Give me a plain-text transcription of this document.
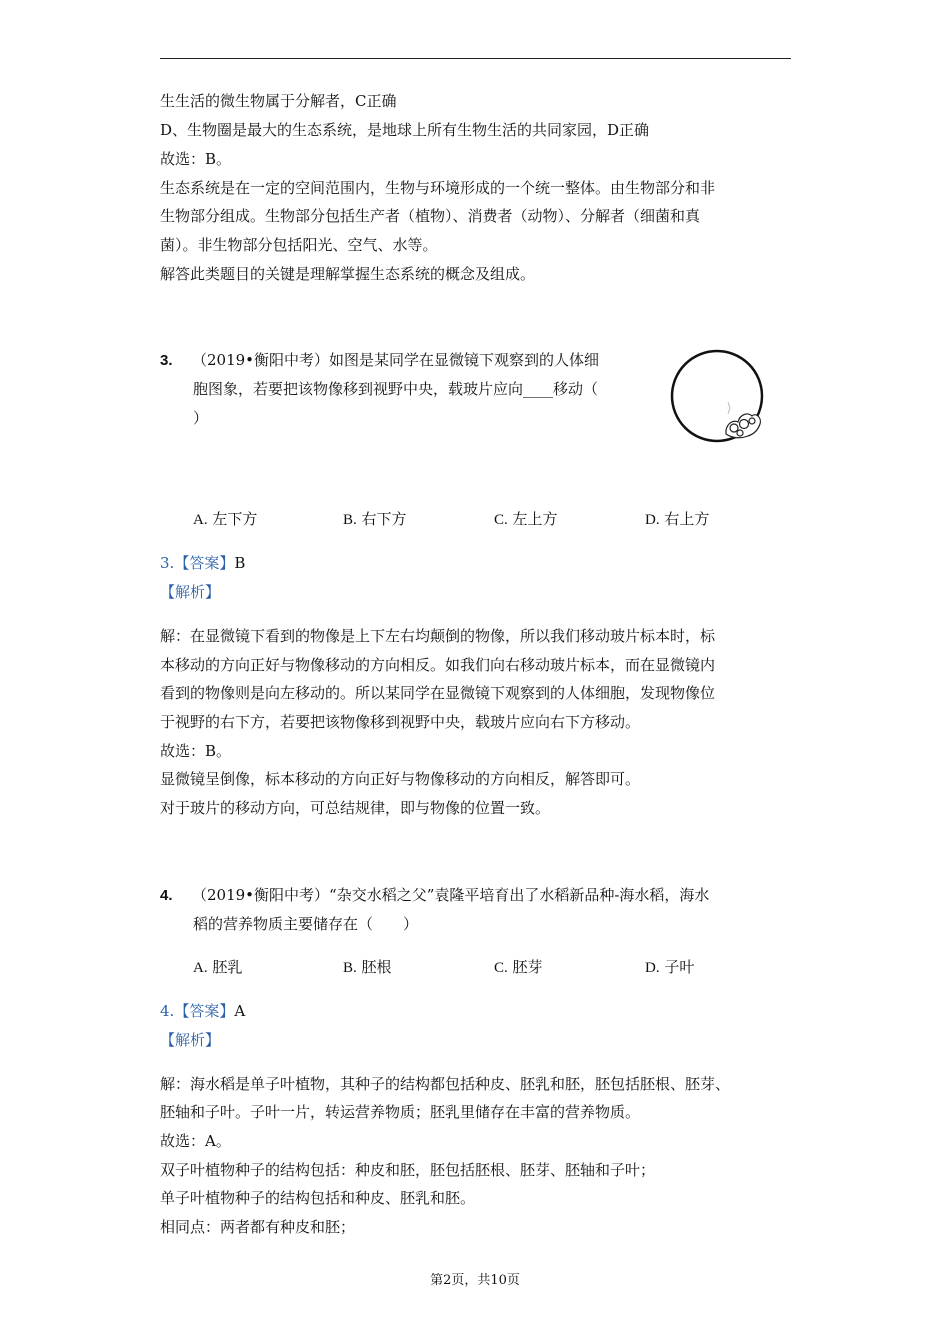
生生活的微生物属于分解者，C正确
D、生物圈是最大的生态系统，是地球上所有生物生活的共同家园，D正确
故选：B。
生态系统是在一定的空间范围内，生物与环境形成的一个统一整体。由生物部分和非
生物部分组成。生物部分包括生产者（植物）、消费者（动物）、分解者（细菌和真
菌）。非生物部分包括阳光、空气、水等。
解答此类题目的关键是理解掌握生态系统的概念及组成。
3. （2019•衡阳中考）如图是某同学在显微镜下观察到的人体细
胞图象，若要把该物像移到视野中央，载玻片应向____移动（
）
A. 左下方	B. 右下方	C. 左上方	D. 右上方
3.【答案】B
【解析】
解：在显微镜下看到的物像是上下左右均颠倒的物像，所以我们移动玻片标本时，标
本移动的方向正好与物像移动的方向相反。如我们向右移动玻片标本，而在显微镜内
看到的物像则是向左移动的。所以某同学在显微镜下观察到的人体细胞，发现物像位
于视野的右下方，若要把该物像移到视野中央，载玻片应向右下方移动。
故选：B。
显微镜呈倒像，标本移动的方向正好与物像移动的方向相反，解答即可。
对于玻片的移动方向，可总结规律，即与物像的位置一致。
4. （2019•衡阳中考）“杂交水稻之父”袁隆平培育出了水稻新品种-海水稻，海水
稻的营养物质主要储存在（　　）
A. 胚乳	B. 胚根	C. 胚芽	D. 子叶
4.【答案】A
【解析】
解：海水稻是单子叶植物，其种子的结构都包括种皮、胚乳和胚，胚包括胚根、胚芽、
胚轴和子叶。子叶一片，转运营养物质；胚乳里储存在丰富的营养物质。
故选：A。
双子叶植物种子的结构包括：种皮和胚，胚包括胚根、胚芽、胚轴和子叶；
单子叶植物种子的结构包括和种皮、胚乳和胚。
相同点：两者都有种皮和胚；
第2页，共10页
